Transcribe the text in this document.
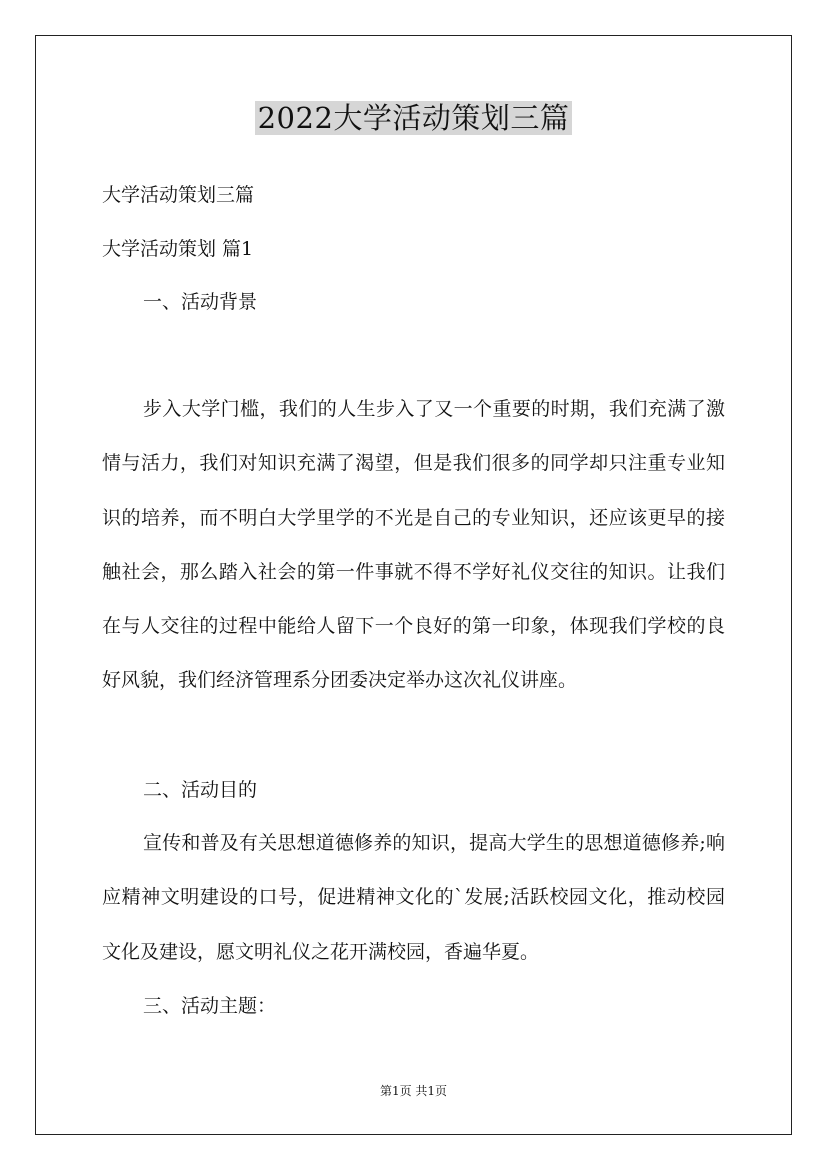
2022大学活动策划三篇
大学活动策划三篇
大学活动策划 篇1
一、活动背景

步入大学门槛，我们的人生步入了又一个重要的时期，我们充满了激情与活力，我们对知识充满了渴望，但是我们很多的同学却只注重专业知识的培养，而不明白大学里学的不光是自己的专业知识，还应该更早的接触社会，那么踏入社会的第一件事就不得不学好礼仪交往的知识。让我们在与人交往的过程中能给人留下一个良好的第一印象，体现我们学校的良好风貌，我们经济管理系分团委决定举办这次礼仪讲座。

二、活动目的

宣传和普及有关思想道德修养的知识，提高大学生的思想道德修养;响应精神文明建设的口号，促进精神文化的`发展;活跃校园文化，推动校园文化及建设，愿文明礼仪之花开满校园，香遍华夏。

三、活动主题：
第1页 共1页
